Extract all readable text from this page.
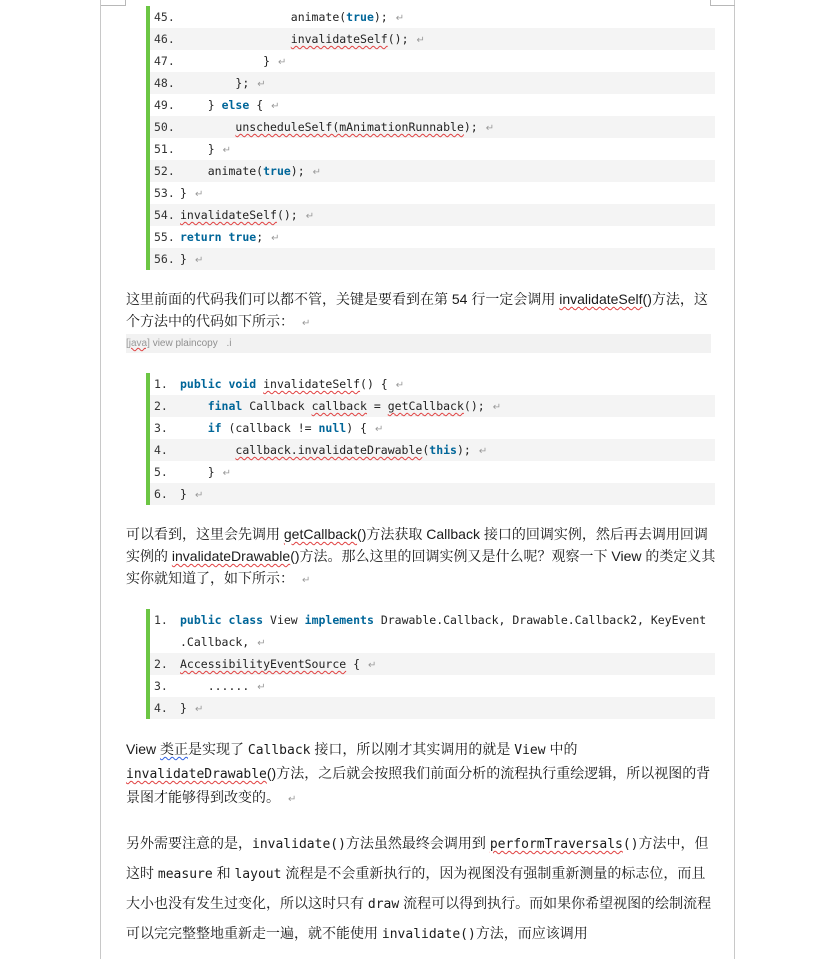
45.	animate(true); ↵
46.	invalidateSelf(); ↵
47.	} ↵
48.	}; ↵
49.	} else { ↵
50.	unscheduleSelf(mAnimationRunnable); ↵
51.	} ↵
52.	animate(true); ↵
53. } ↵
54. invalidateSelf(); ↵
55. return true; ↵
56. } ↵
这里前面的代码我们可以都不管，关键是要看到在第 54 行一定会调用 invalidateSelf()方法，这个方法中的代码如下所示： ↵
[java] view plaincopy .i
1.	public void invalidateSelf() { ↵
2.	final Callback callback = getCallback(); ↵
3.	if (callback != null) { ↵
4.	callback.invalidateDrawable(this); ↵
5.	} ↵
6.	} ↵
可以看到，这里会先调用 getCallback()方法获取 Callback 接口的回调实例，然后再去调用回调实例的 invalidateDrawable()方法。那么这里的回调实例又是什么呢？观察一下 View 的类定义其实你就知道了，如下所示： ↵
1.	public class View implements Drawable.Callback, Drawable.Callback2, KeyEvent
.Callback, ↵
2.	AccessibilityEventSource { ↵
3.	...... ↵
4.	} ↵
View 类正是实现了 Callback 接口，所以刚才其实调用的就是 View 中的
invalidateDrawable()方法，之后就会按照我们前面分析的流程执行重绘逻辑，所以视图的背景图才能够得到改变的。 ↵
另外需要注意的是，invalidate()方法虽然最终会调用到 performTraversals()方法中，但这时 measure 和 layout 流程是不会重新执行的，因为视图没有强制重新测量的标志位，而且大小也没有发生过变化，所以这时只有 draw 流程可以得到执行。而如果你希望视图的绘制流程可以完完整整地重新走一遍，就不能使用 invalidate()方法，而应该调用
